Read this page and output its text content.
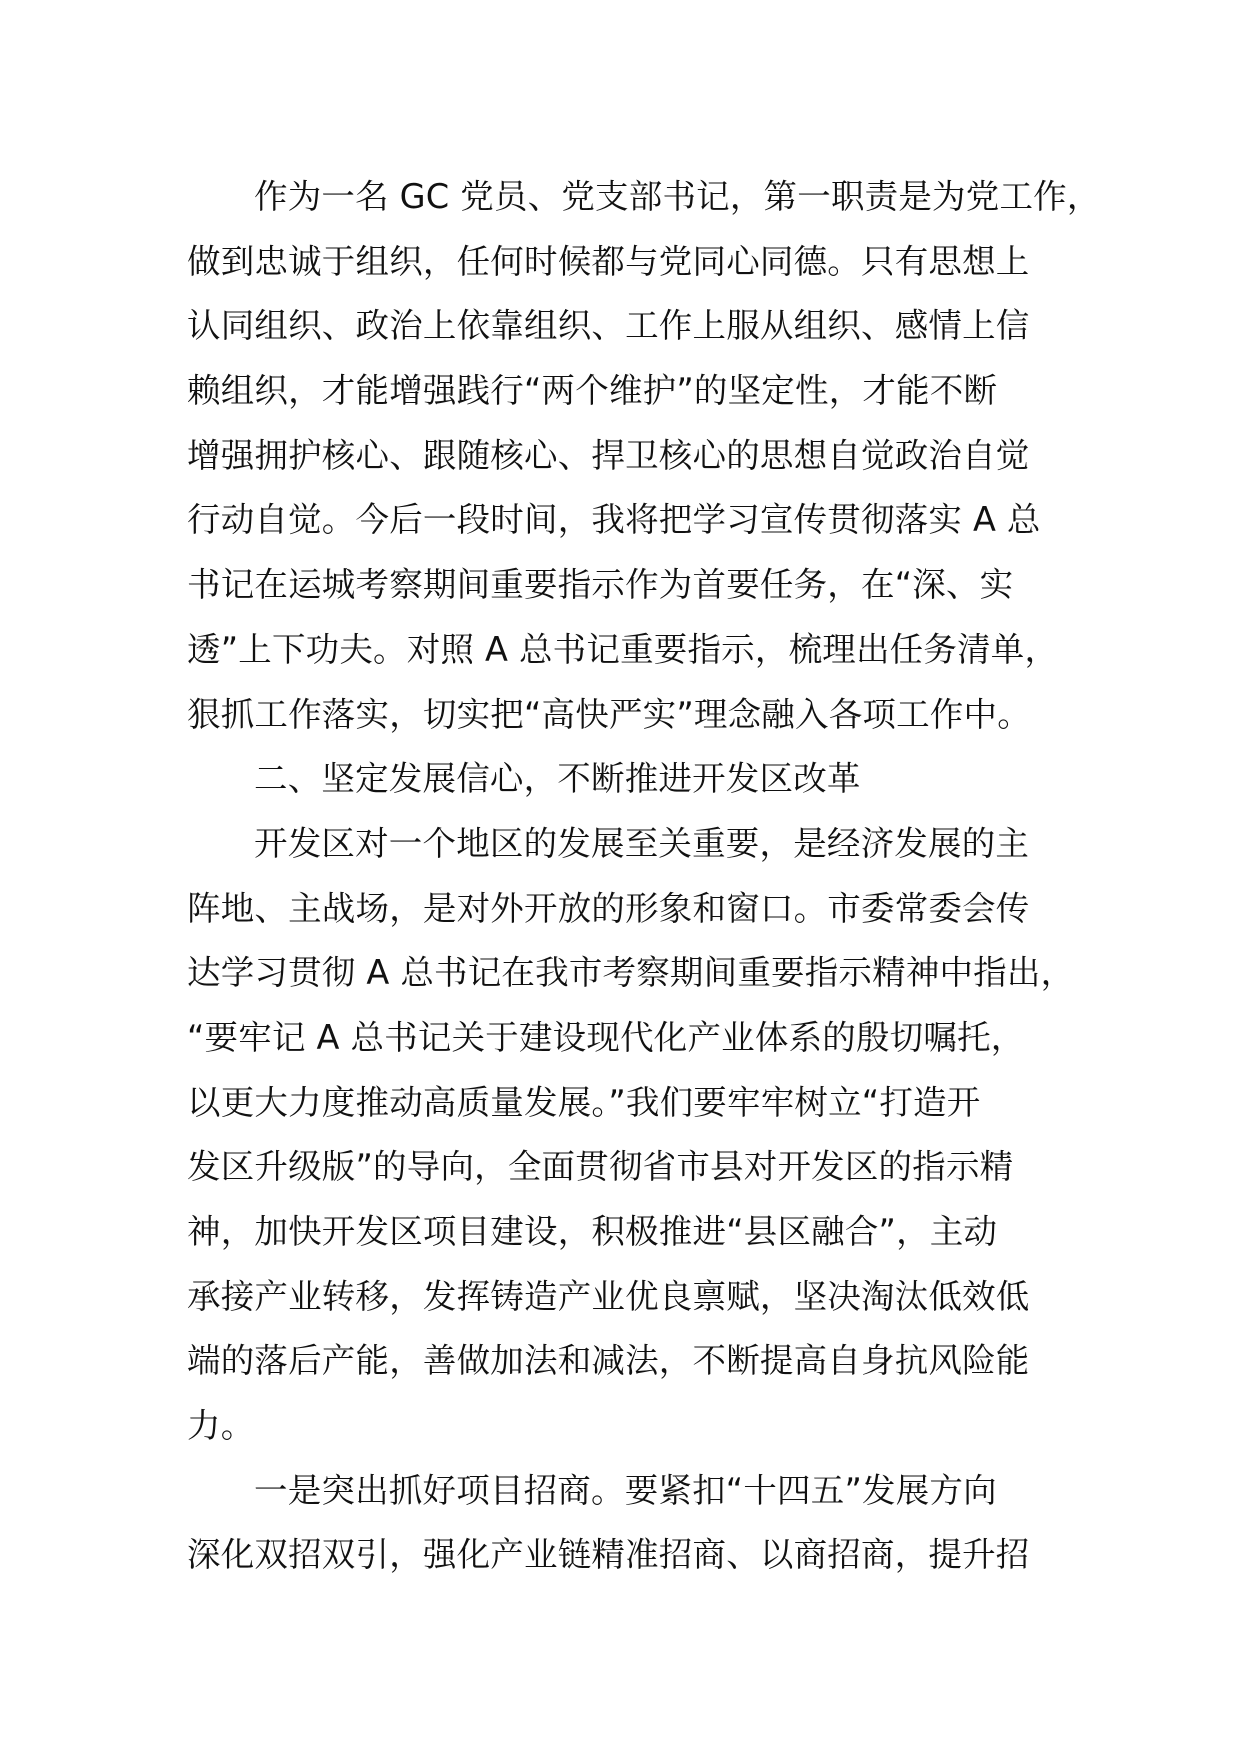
作为一名 GC 党员、党支部书记，第一职责是为党工作，
做到忠诚于组织，任何时候都与党同心同德。只有思想上
认同组织、政治上依靠组织、工作上服从组织、感情上信
赖组织，才能增强践行“两个维护”的坚定性，才能不断
增强拥护核心、跟随核心、捍卫核心的思想自觉政治自觉
行动自觉。今后一段时间，我将把学习宣传贯彻落实 A 总
书记在运城考察期间重要指示作为首要任务，在“深、实
透”上下功夫。对照 A 总书记重要指示，梳理出任务清单，
狠抓工作落实，切实把“高快严实”理念融入各项工作中。
二、坚定发展信心，不断推进开发区改革
开发区对一个地区的发展至关重要，是经济发展的主
阵地、主战场，是对外开放的形象和窗口。市委常委会传
达学习贯彻 A 总书记在我市考察期间重要指示精神中指出，
“要牢记 A 总书记关于建设现代化产业体系的殷切嘱托，
以更大力度推动高质量发展。”我们要牢牢树立“打造开
发区升级版”的导向，全面贯彻省市县对开发区的指示精
神，加快开发区项目建设，积极推进“县区融合”，主动
承接产业转移，发挥铸造产业优良禀赋，坚决淘汰低效低
端的落后产能，善做加法和减法，不断提高自身抗风险能
力。
一是突出抓好项目招商。要紧扣“十四五”发展方向
深化双招双引，强化产业链精准招商、以商招商，提升招
